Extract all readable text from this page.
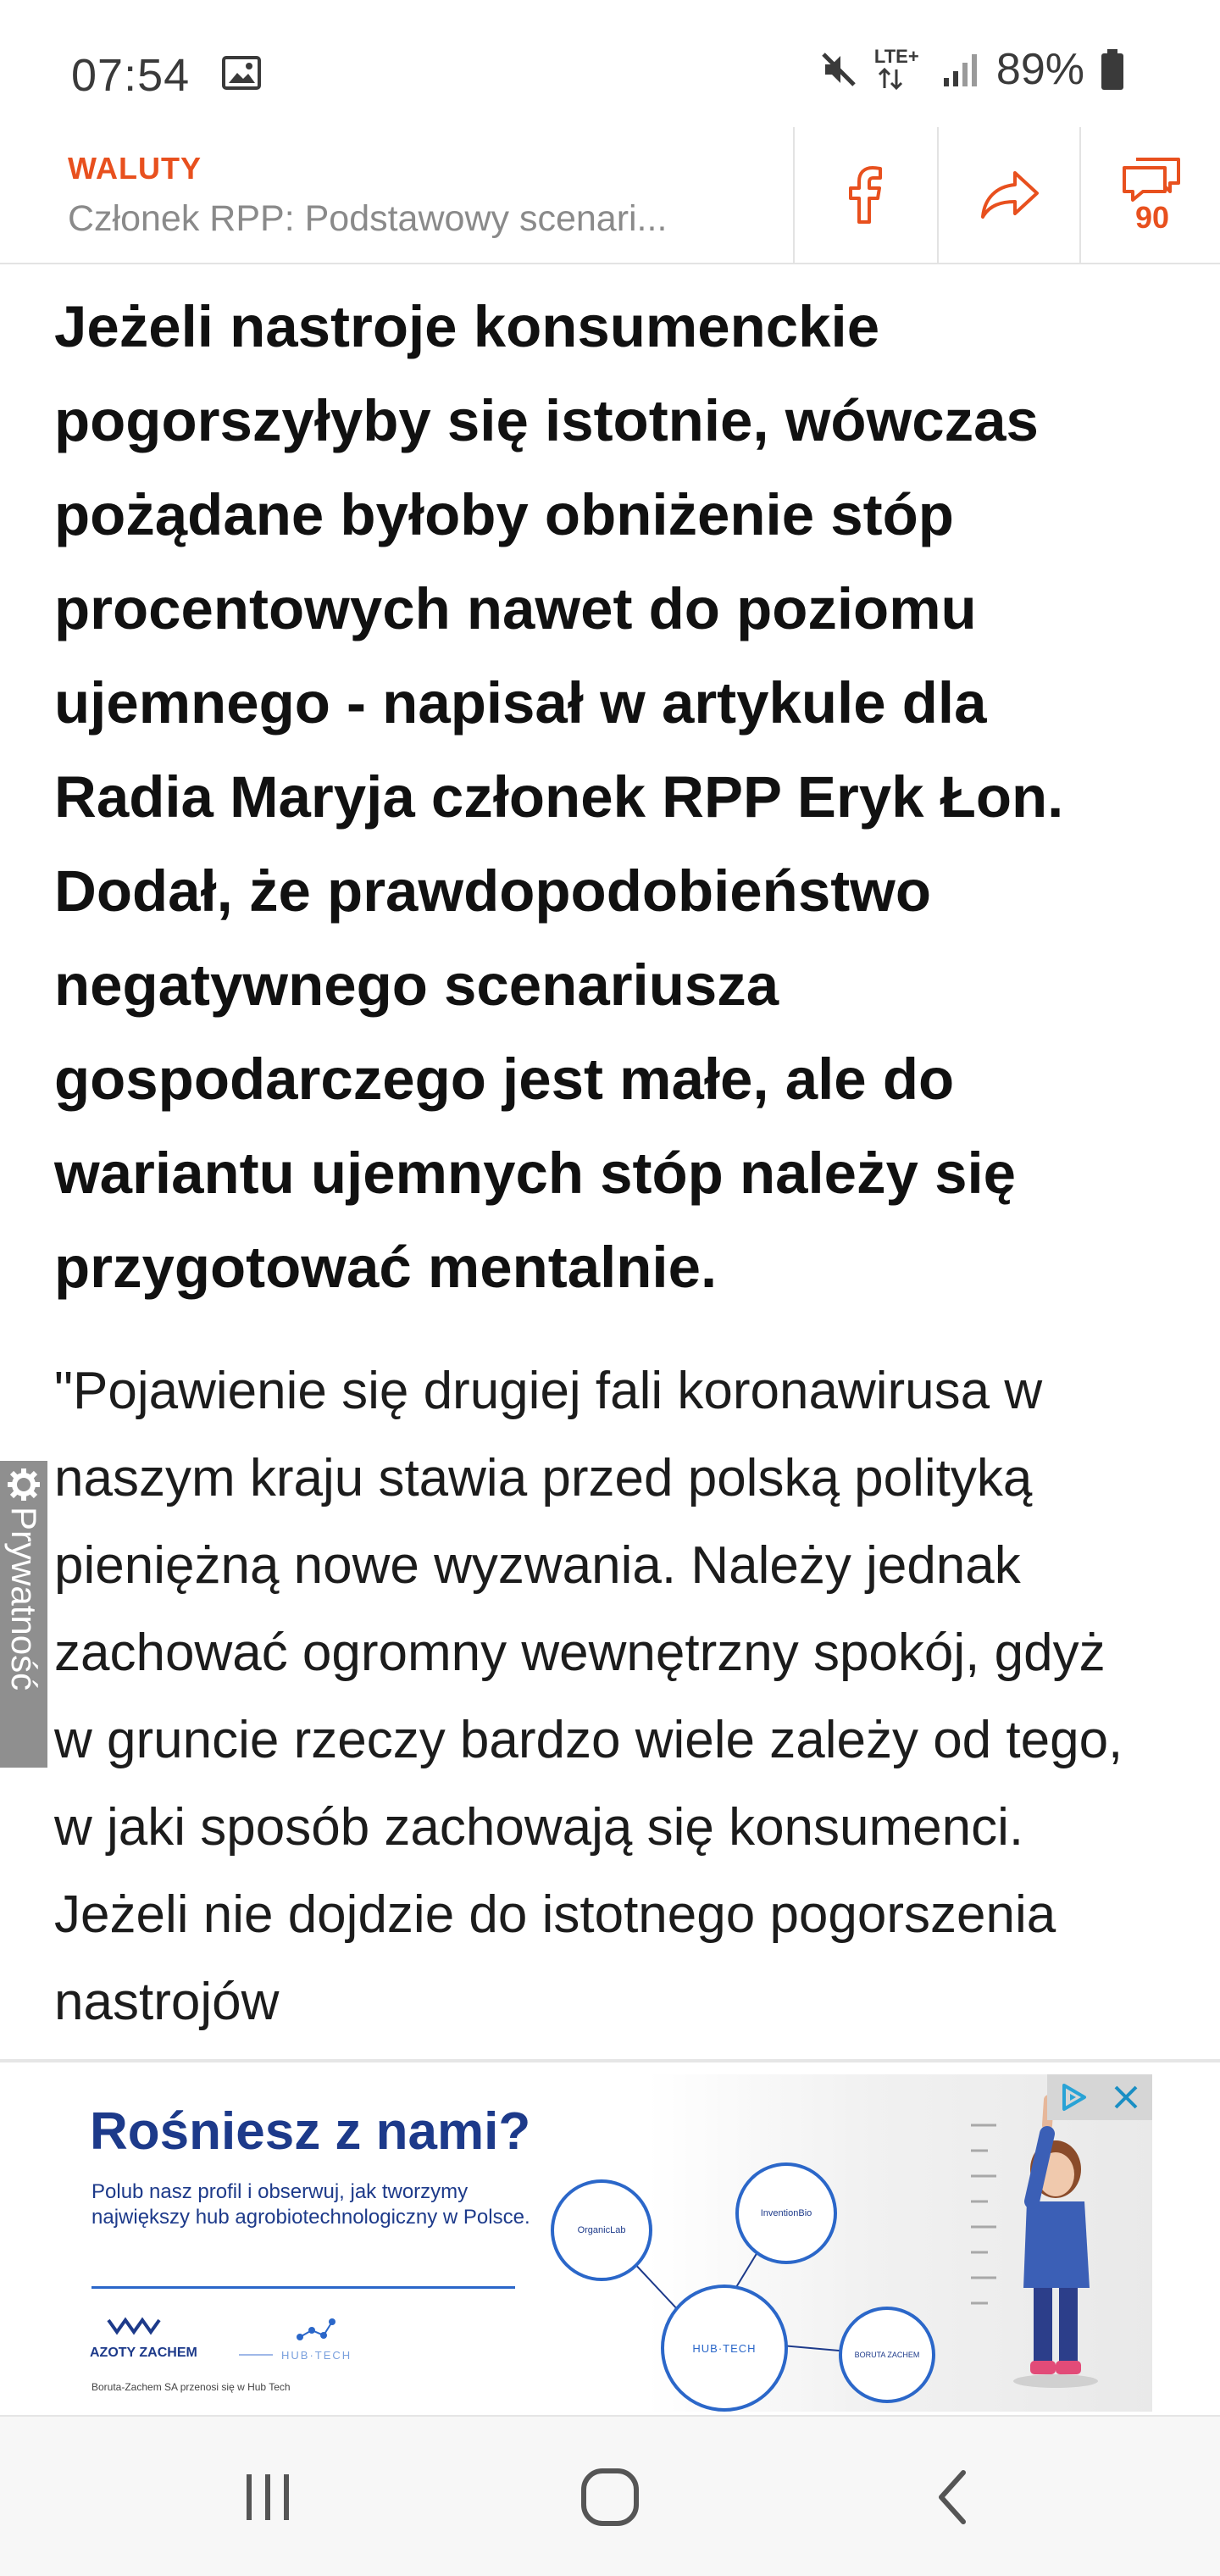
07:54	LTE+ 89%
WALUTY
Członek RPP: Podstawowy scenari...	90

Jeżeli nastroje konsumenckie pogorszyłyby się istotnie, wówczas pożądane byłoby obniżenie stóp procentowych nawet do poziomu ujemnego - napisał w artykule dla Radia Maryja członek RPP Eryk Łon. Dodał, że prawdopodobieństwo negatywnego scenariusza gospodarczego jest małe, ale do wariantu ujemnych stóp należy się przygotować mentalnie.

"Pojawienie się drugiej fali koronawirusa w naszym kraju stawia przed polską polityką pieniężną nowe wyzwania. Należy jednak zachować ogromny wewnętrzny spokój, gdyż w gruncie rzeczy bardzo wiele zależy od tego, w jaki sposób zachowają się konsumenci. Jeżeli nie dojdzie do istotnego pogorszenia nastrojów

Prywatność
Rośniesz z nami?

Polub nasz profil i obserwuj, jak tworzymy największy hub agrobiotechnologiczny w Polsce.

AZOTY ZACHEM	HUB·TECH
Boruta-Zachem SA przenosi się w Hub Tech
InventionBio
OrganicLab
HUB·TECH
BORUTA ZACHEM
